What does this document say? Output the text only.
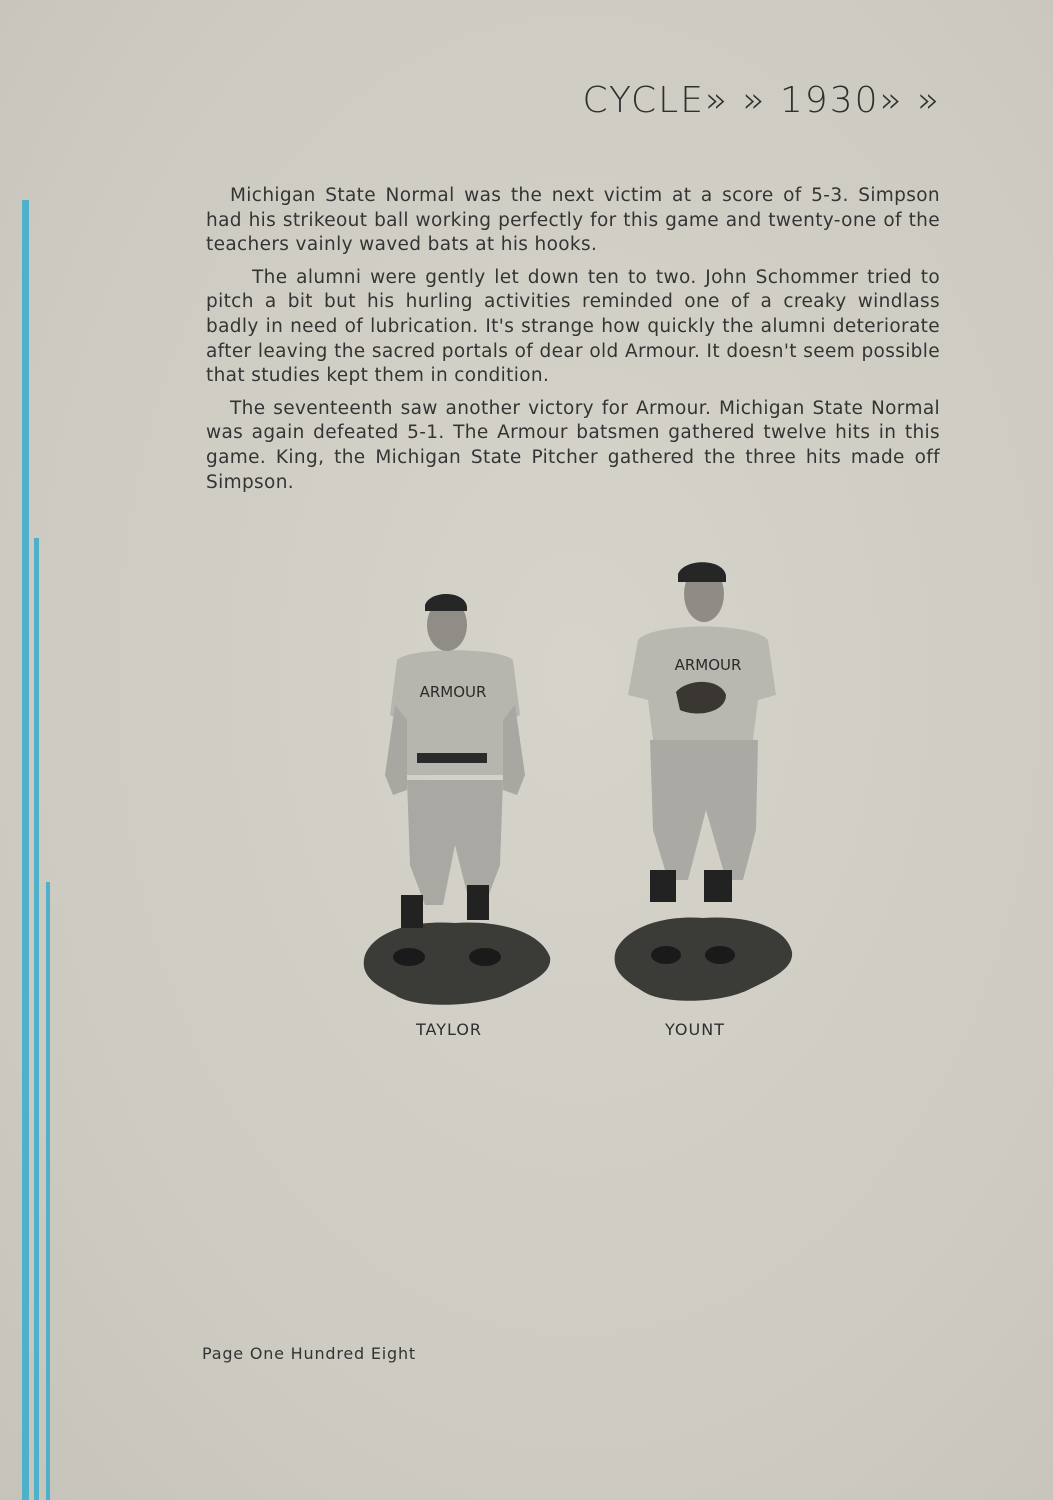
CYCLE» » 1930» »

Michigan State Normal was the next victim at a score of 5-3. Simpson had his strikeout ball working perfectly for this game and twenty-one of the teachers vainly waved bats at his hooks.

The alumni were gently let down ten to two. John Schommer tried to pitch a bit but his hurling activities reminded one of a creaky windlass badly in need of lubrication. It's strange how quickly the alumni deteriorate after leaving the sacred portals of dear old Armour. It doesn't seem possible that studies kept them in condition.

The seventeenth saw another victory for Armour. Michigan State Normal was again defeated 5-1. The Armour batsmen gathered twelve hits in this game. King, the Michigan State Pitcher gathered the three hits made off Simpson.

ARMOUR
ARMOUR
TAYLOR	YOUNT
Page One Hundred Eight
